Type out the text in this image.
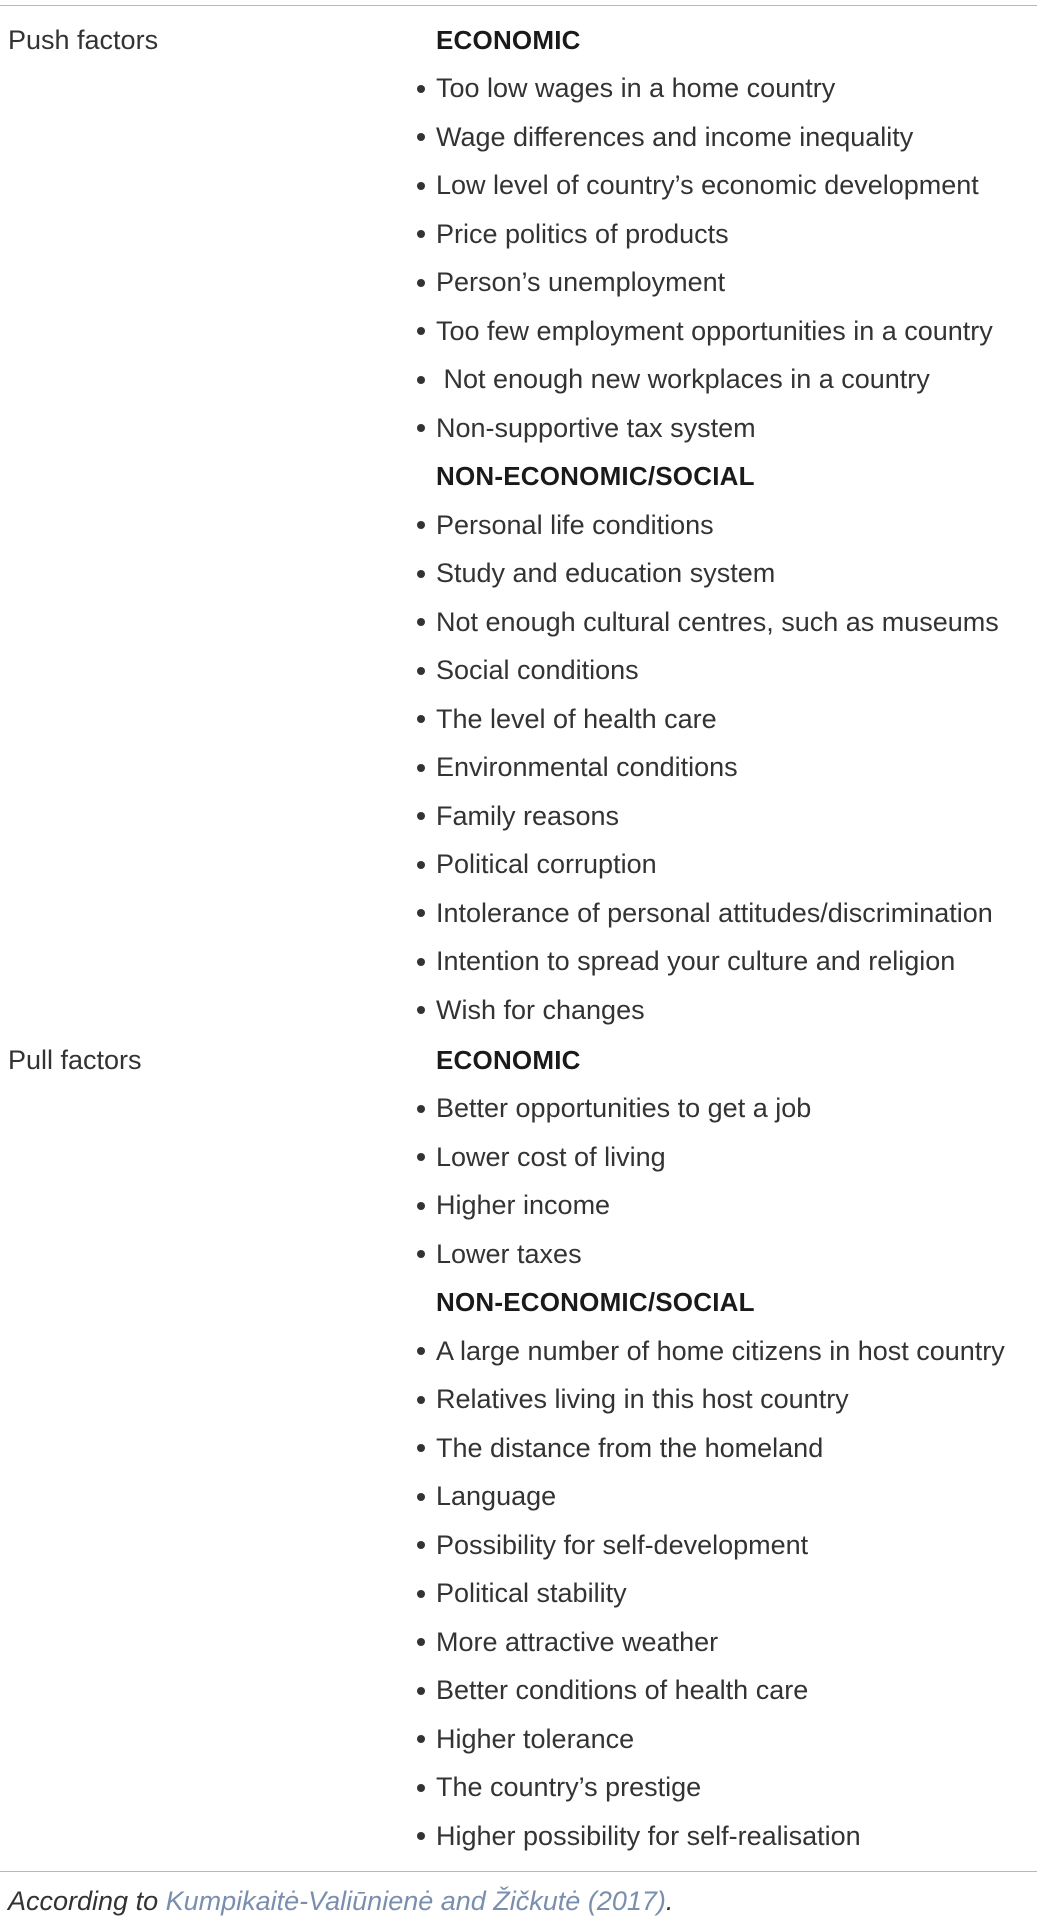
Push factors	ECONOMIC
Too low wages in a home country
Wage differences and income inequality
Low level of country’s economic development
Price politics of products
Person’s unemployment
Too few employment opportunities in a country
Not enough new workplaces in a country
Non-supportive tax system
NON-ECONOMIC/SOCIAL
Personal life conditions
Study and education system
Not enough cultural centres, such as museums
Social conditions
The level of health care
Environmental conditions
Family reasons
Political corruption
Intolerance of personal attitudes/discrimination
Intention to spread your culture and religion
Wish for changes
Pull factors	ECONOMIC
Better opportunities to get a job
Lower cost of living
Higher income
Lower taxes
NON-ECONOMIC/SOCIAL
A large number of home citizens in host country
Relatives living in this host country
The distance from the homeland
Language
Possibility for self-development
Political stability
More attractive weather
Better conditions of health care
Higher tolerance
The country’s prestige
Higher possibility for self-realisation
According to Kumpikaitė-Valiūnienė and Žičkutė (2017).
